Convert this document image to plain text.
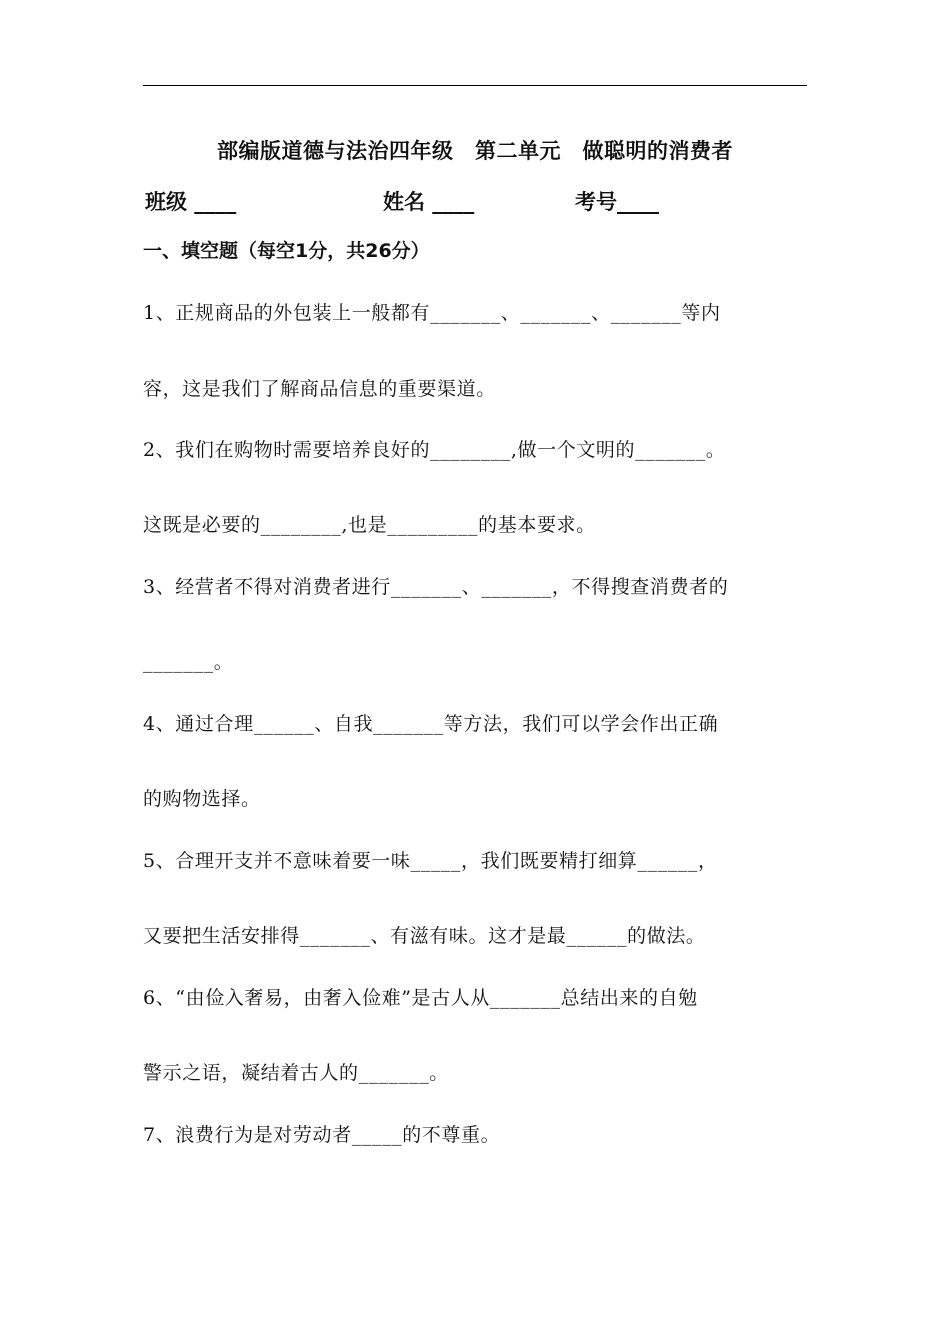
部编版道德与法治四年级　第二单元　做聪明的消费者
班级 ____	姓名 ____	考号____
一、填空题（每空1分，共26分）
1、正规商品的外包装上一般都有_______、_______、_______等内
容，这是我们了解商品信息的重要渠道。
2、我们在购物时需要培养良好的________,做一个文明的_______。
这既是必要的________,也是_________的基本要求。
3、经营者不得对消费者进行_______、_______，不得搜查消费者的
_______。
4、通过合理______、自我_______等方法，我们可以学会作出正确
的购物选择。
5、合理开支并不意味着要一味_____，我们既要精打细算______，
又要把生活安排得_______、有滋有味。这才是最______的做法。
6、“由俭入奢易，由奢入俭难”是古人从_______总结出来的自勉
警示之语，凝结着古人的_______。
7、浪费行为是对劳动者_____的不尊重。
